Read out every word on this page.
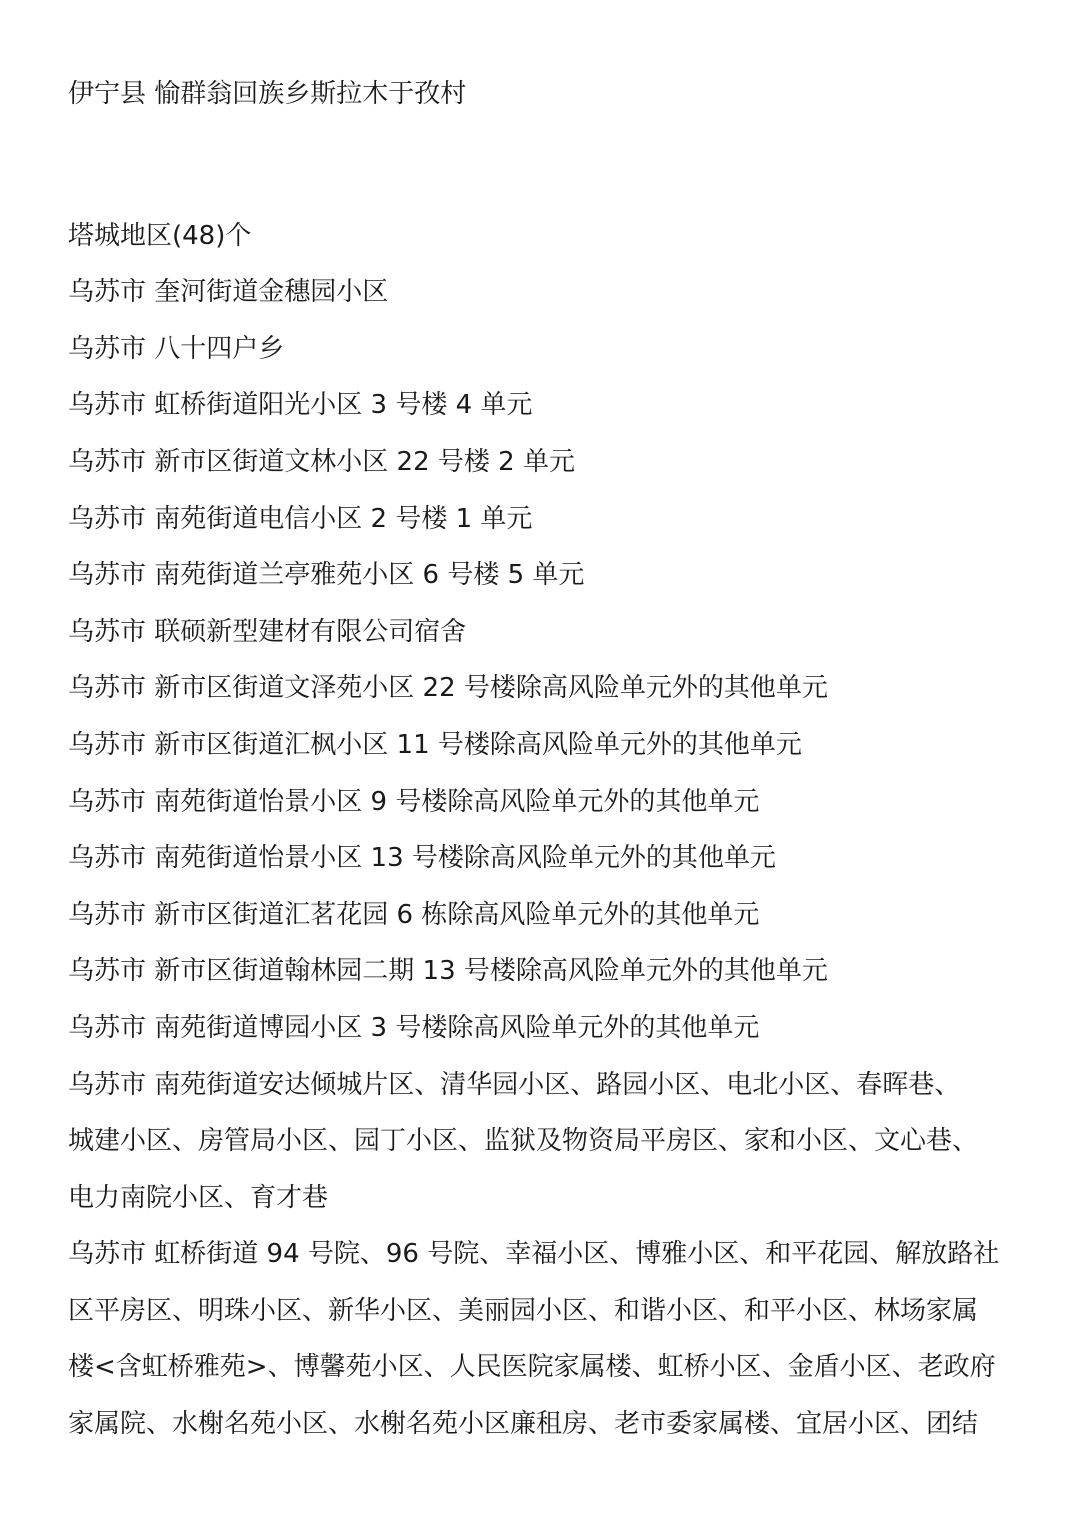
伊宁县 愉群翁回族乡斯拉木于孜村
塔城地区(48)个
乌苏市 奎河街道金穗园小区
乌苏市 八十四户乡
乌苏市 虹桥街道阳光小区 3 号楼 4 单元
乌苏市 新市区街道文林小区 22 号楼 2 单元
乌苏市 南苑街道电信小区 2 号楼 1 单元
乌苏市 南苑街道兰亭雅苑小区 6 号楼 5 单元
乌苏市 联硕新型建材有限公司宿舍
乌苏市 新市区街道文泽苑小区 22 号楼除高风险单元外的其他单元
乌苏市 新市区街道汇枫小区 11 号楼除高风险单元外的其他单元
乌苏市 南苑街道怡景小区 9 号楼除高风险单元外的其他单元
乌苏市 南苑街道怡景小区 13 号楼除高风险单元外的其他单元
乌苏市 新市区街道汇茗花园 6 栋除高风险单元外的其他单元
乌苏市 新市区街道翰林园二期 13 号楼除高风险单元外的其他单元
乌苏市 南苑街道博园小区 3 号楼除高风险单元外的其他单元
乌苏市 南苑街道安达倾城片区、清华园小区、路园小区、电北小区、春晖巷、
城建小区、房管局小区、园丁小区、监狱及物资局平房区、家和小区、文心巷、
电力南院小区、育才巷
乌苏市 虹桥街道 94 号院、96 号院、幸福小区、博雅小区、和平花园、解放路社
区平房区、明珠小区、新华小区、美丽园小区、和谐小区、和平小区、林场家属
楼<含虹桥雅苑>、博馨苑小区、人民医院家属楼、虹桥小区、金盾小区、老政府
家属院、水榭名苑小区、水榭名苑小区廉租房、老市委家属楼、宜居小区、团结
